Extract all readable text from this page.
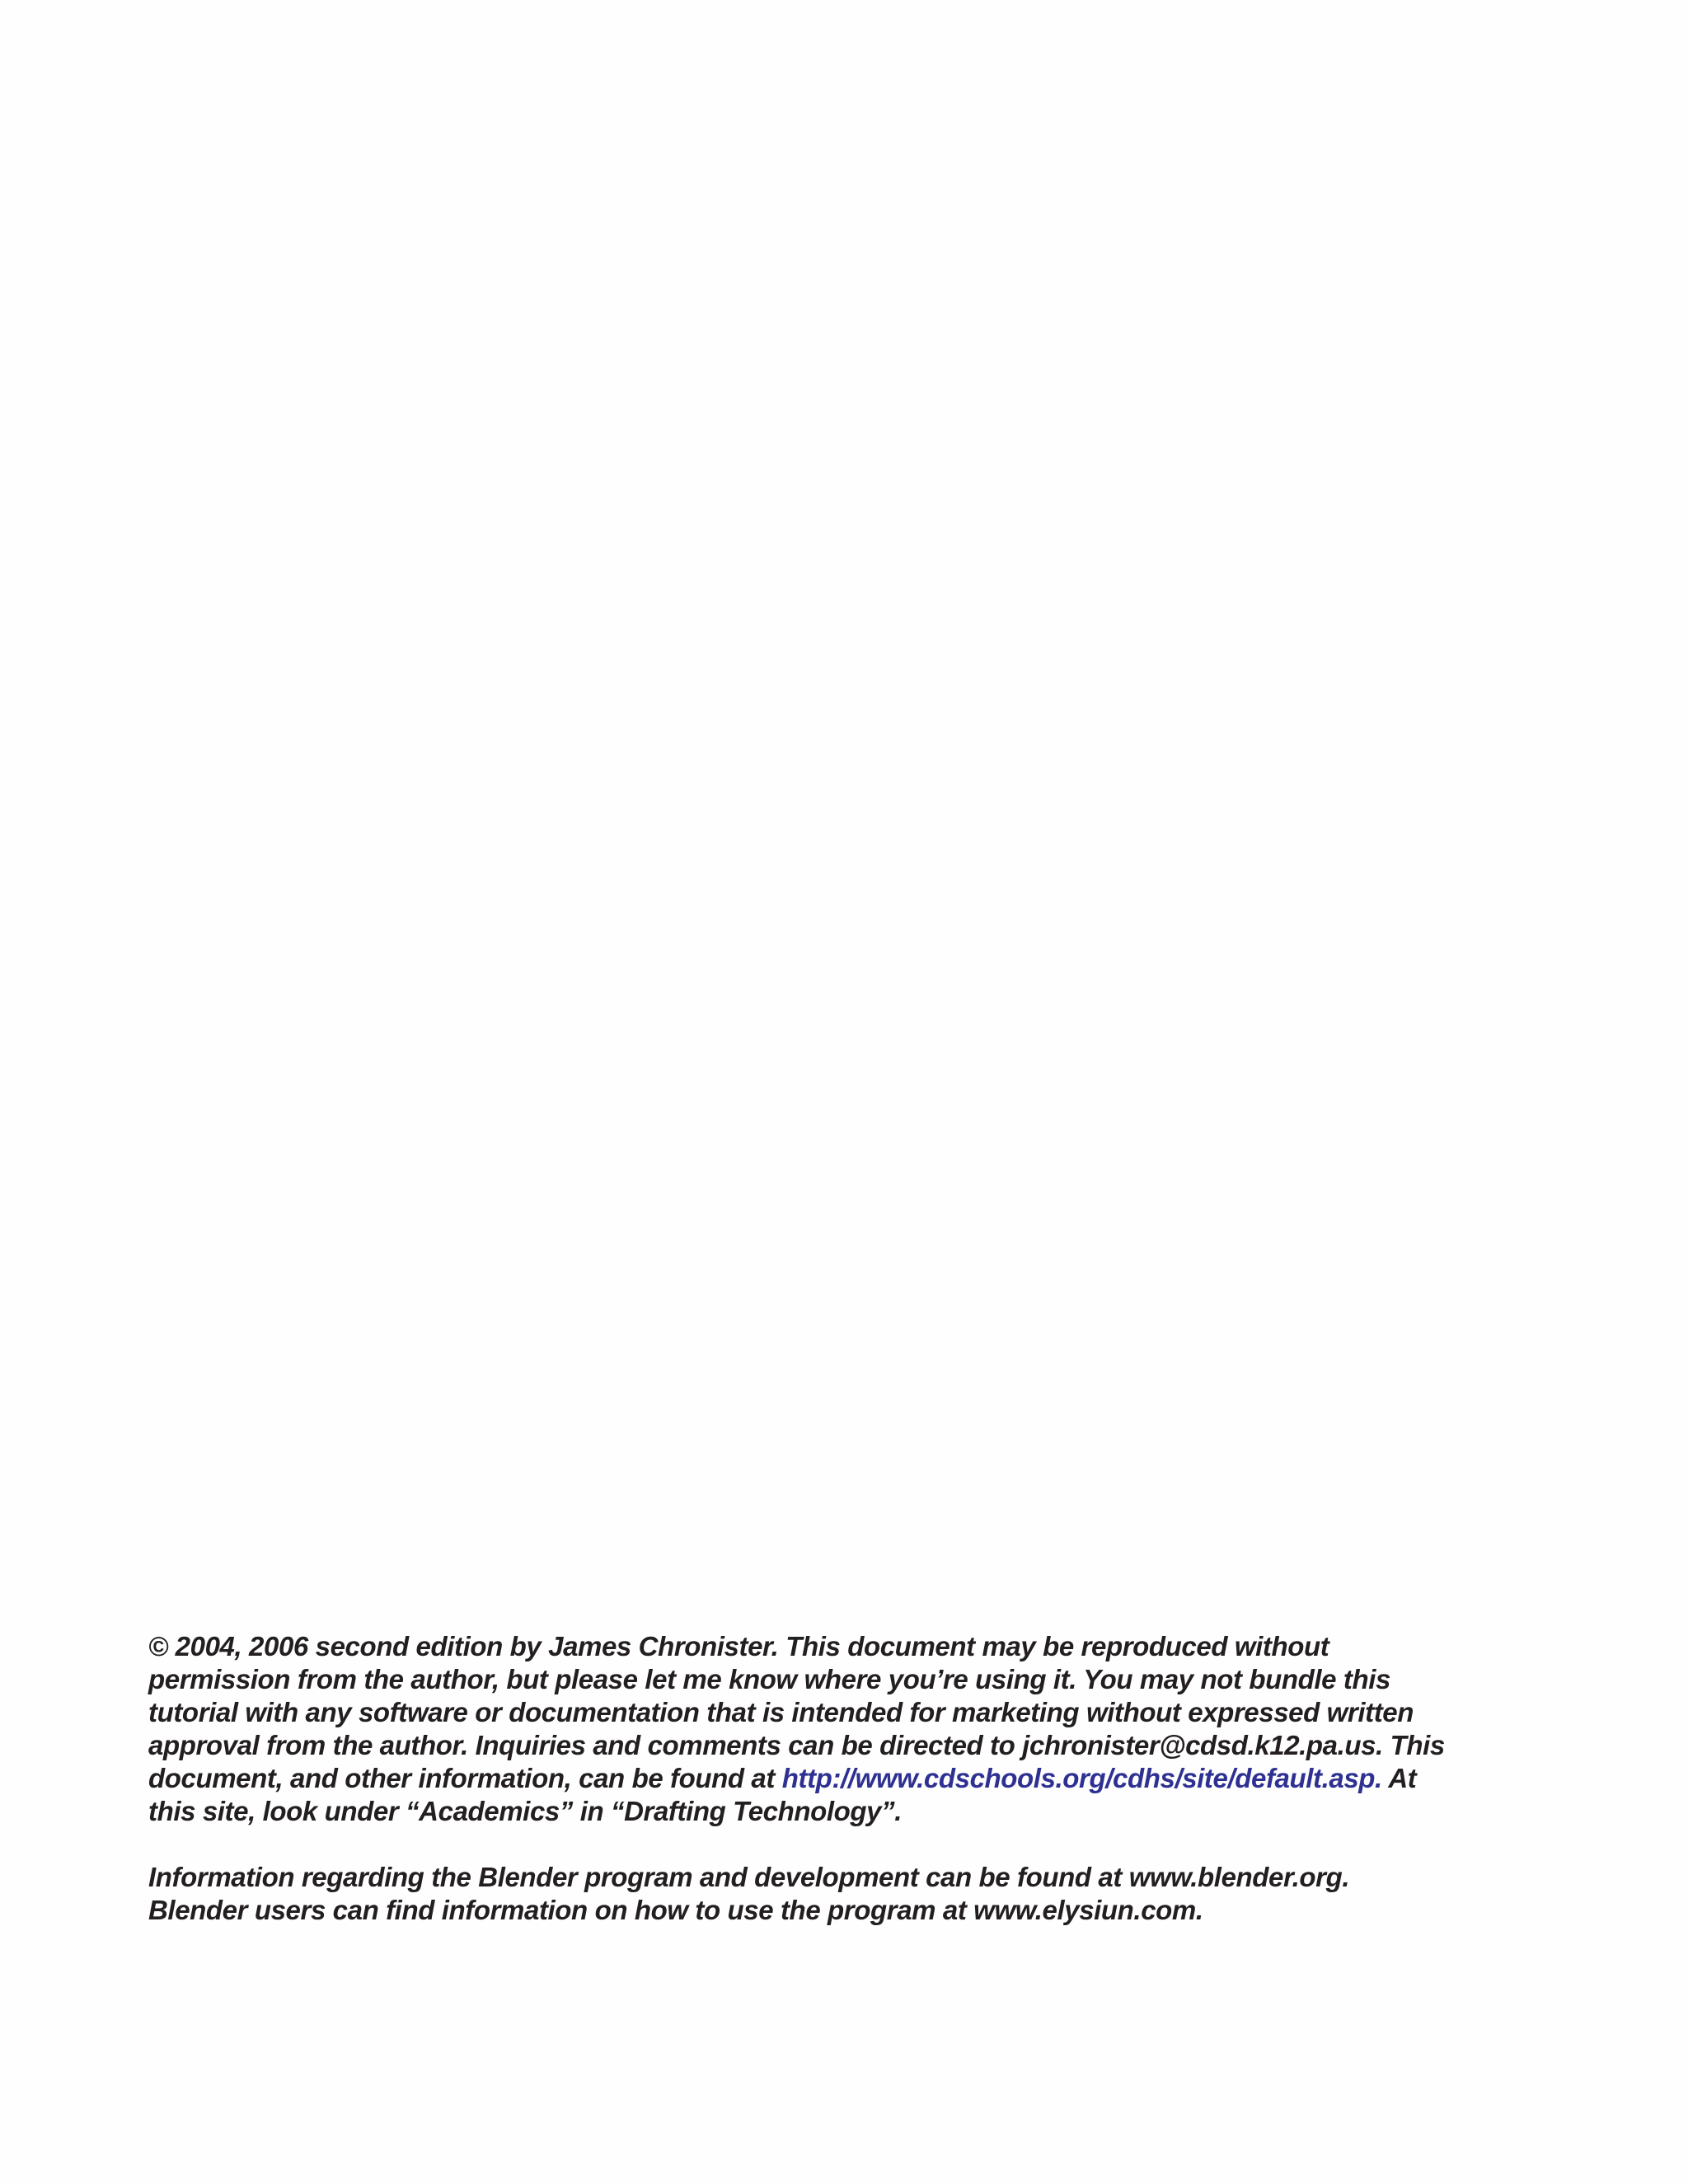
© 2004, 2006 second edition by James Chronister. This document may be reproduced without permission from the author, but please let me know where you’re using it. You may not bundle this tutorial with any software or documentation that is intended for marketing without expressed written approval from the author. Inquiries and comments can be directed to jchronister@cdsd.k12.pa.us. This document, and other information, can be found at http://www.cdschools.org/cdhs/site/default.asp. At this site, look under “Academics” in “Drafting Technology”.

Information regarding the Blender program and development can be found at www.blender.org. Blender users can find information on how to use the program at www.elysiun.com.
